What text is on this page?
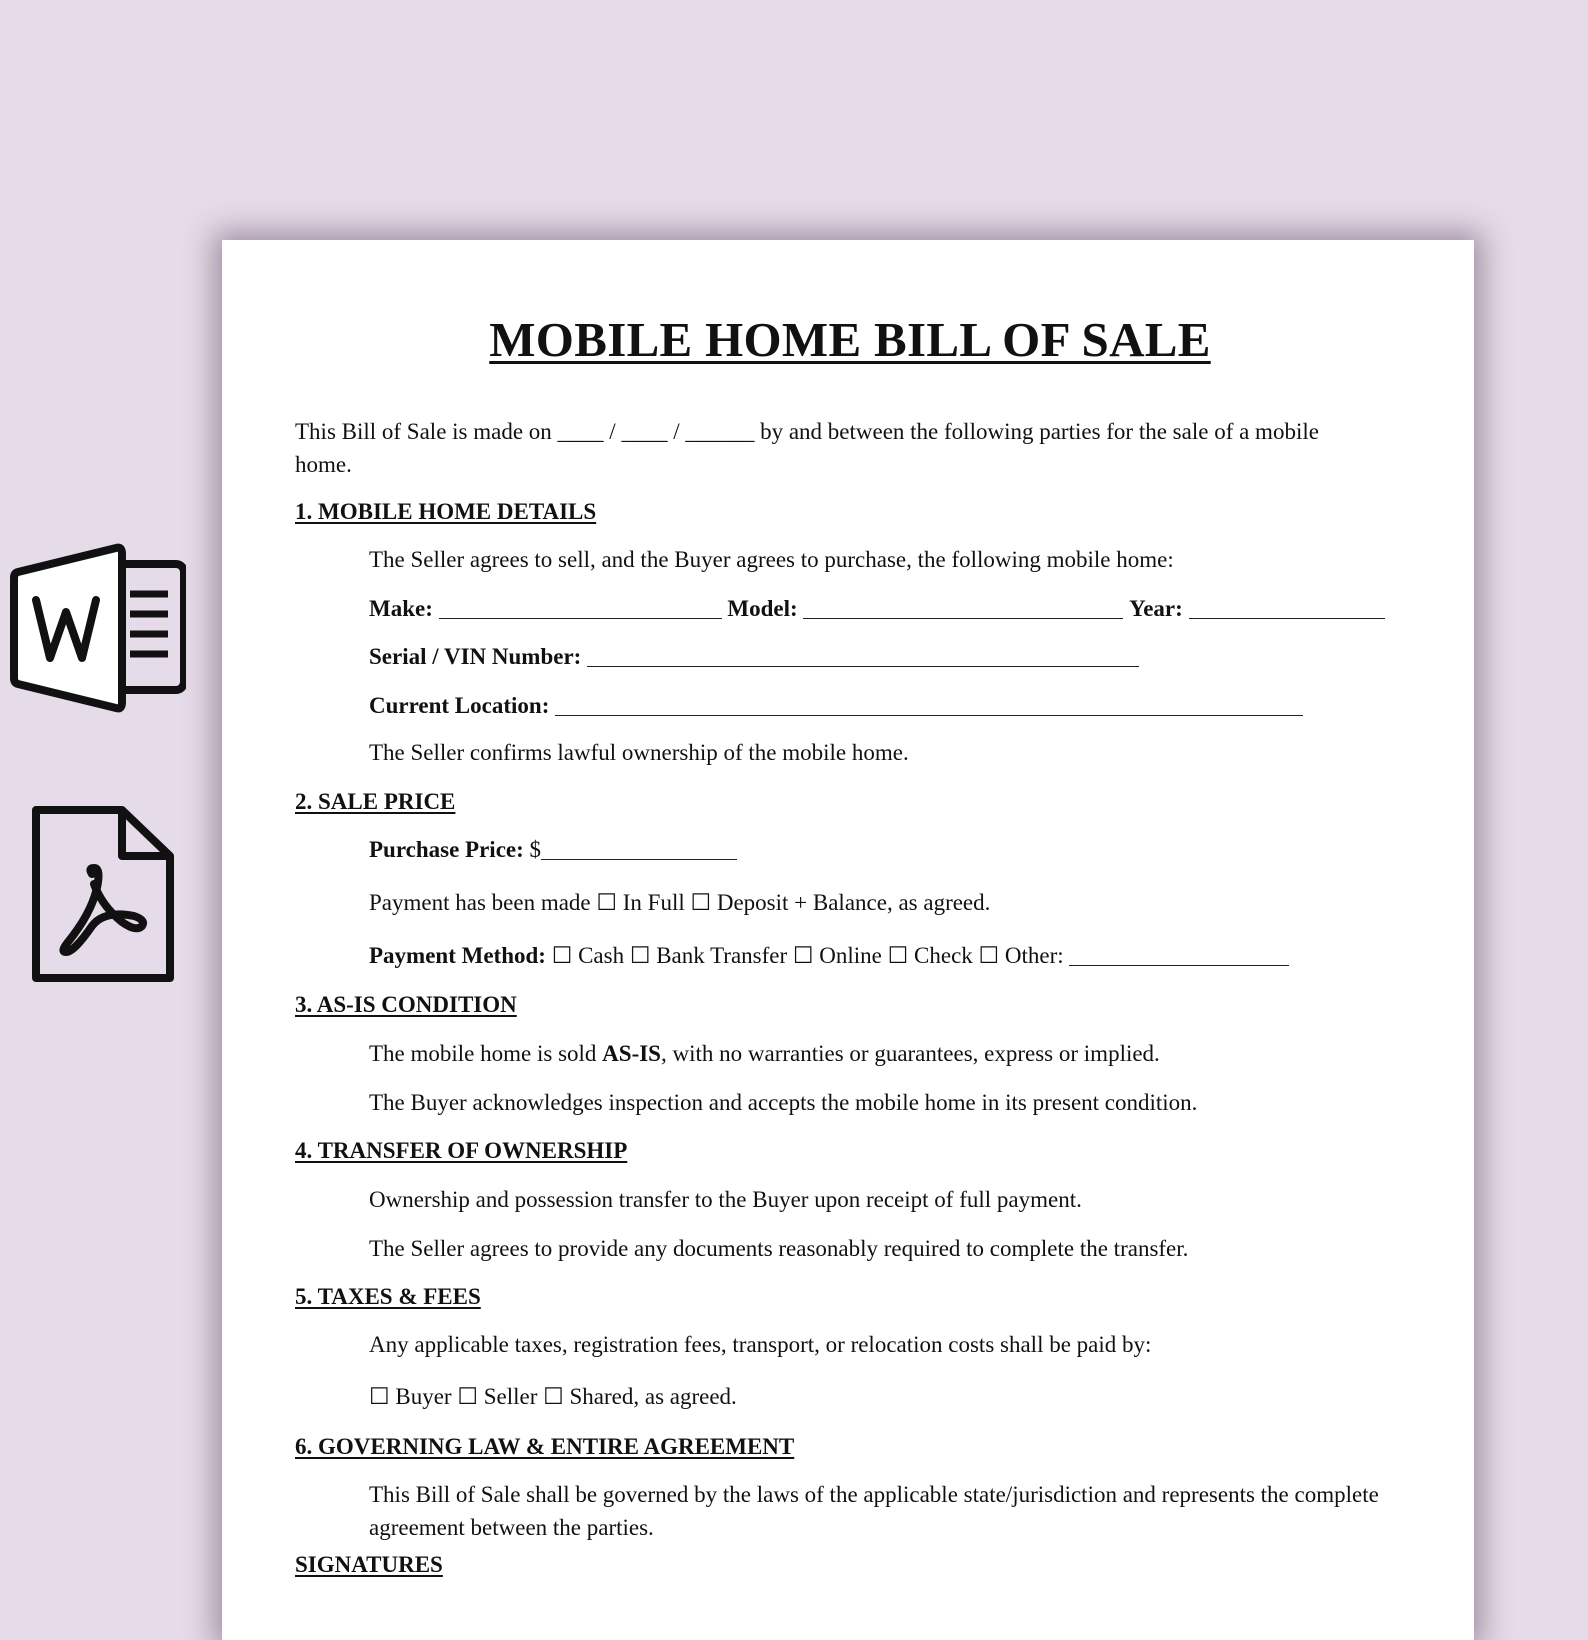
MOBILE HOME BILL OF SALE
This Bill of Sale is made on ____ / ____ / ______ by and between the following parties for the sale of a mobile
home.
1. MOBILE HOME DETAILS
The Seller agrees to sell, and the Buyer agrees to purchase, the following mobile home:
Make:	Model:	Year:
Serial / VIN Number:
Current Location:
The Seller confirms lawful ownership of the mobile home.
2. SALE PRICE
Purchase Price: $
Payment has been made ☐ In Full ☐ Deposit + Balance, as agreed.
Payment Method: ☐ Cash ☐ Bank Transfer ☐ Online ☐ Check ☐ Other:
3. AS-IS CONDITION
The mobile home is sold AS-IS, with no warranties or guarantees, express or implied.
The Buyer acknowledges inspection and accepts the mobile home in its present condition.
4. TRANSFER OF OWNERSHIP
Ownership and possession transfer to the Buyer upon receipt of full payment.
The Seller agrees to provide any documents reasonably required to complete the transfer.
5. TAXES & FEES
Any applicable taxes, registration fees, transport, or relocation costs shall be paid by:
☐ Buyer ☐ Seller ☐ Shared, as agreed.
6. GOVERNING LAW & ENTIRE AGREEMENT
This Bill of Sale shall be governed by the laws of the applicable state/jurisdiction and represents the complete agreement between the parties.
SIGNATURES
